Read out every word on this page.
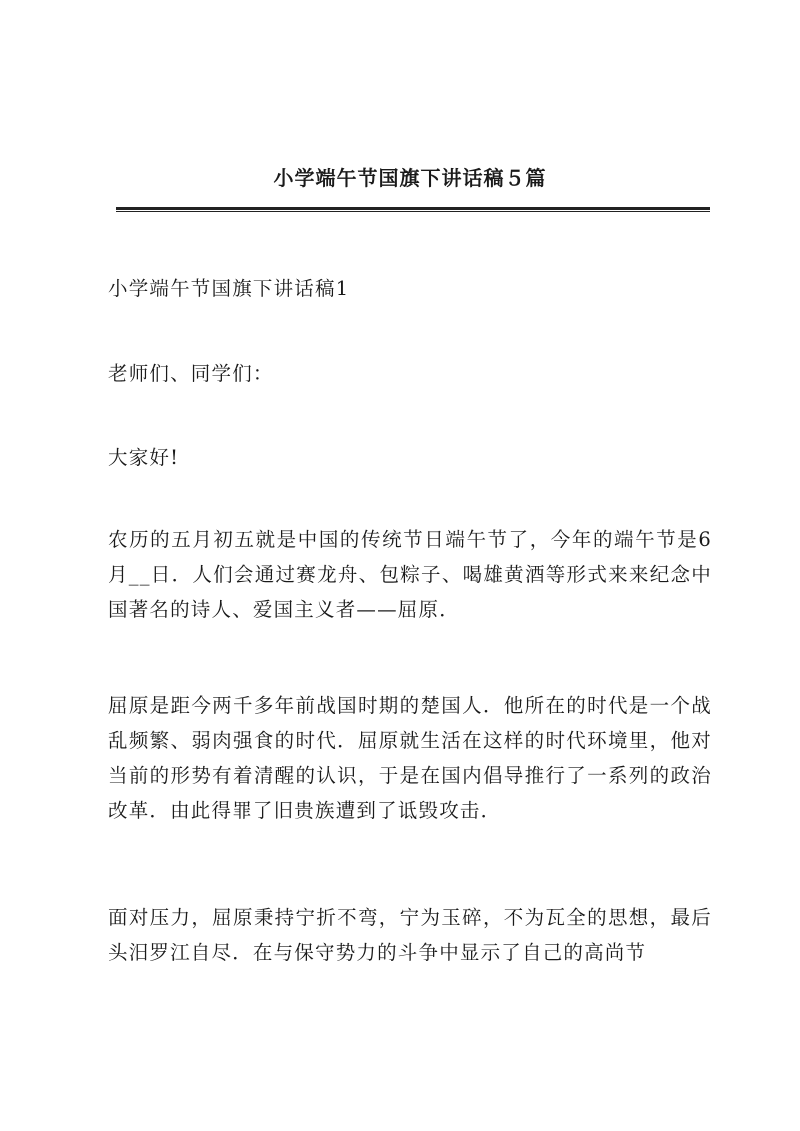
小学端午节国旗下讲话稿５篇

小学端午节国旗下讲话稿1

老师们、同学们：

大家好!

农历的五月初五就是中国的传统节日端午节了，今年的端午节是6月__日．人们会通过赛龙舟、包粽子、喝雄黄酒等形式来来纪念中国著名的诗人、爱国主义者——屈原．

屈原是距今两千多年前战国时期的楚国人．他所在的时代是一个战乱频繁、弱肉强食的时代．屈原就生活在这样的时代环境里，他对当前的形势有着清醒的认识，于是在国内倡导推行了一系列的政治改革．由此得罪了旧贵族遭到了诋毁攻击．

面对压力，屈原秉持宁折不弯，宁为玉碎，不为瓦全的思想，最后头汨罗江自尽．在与保守势力的斗争中显示了自己的高尚节
